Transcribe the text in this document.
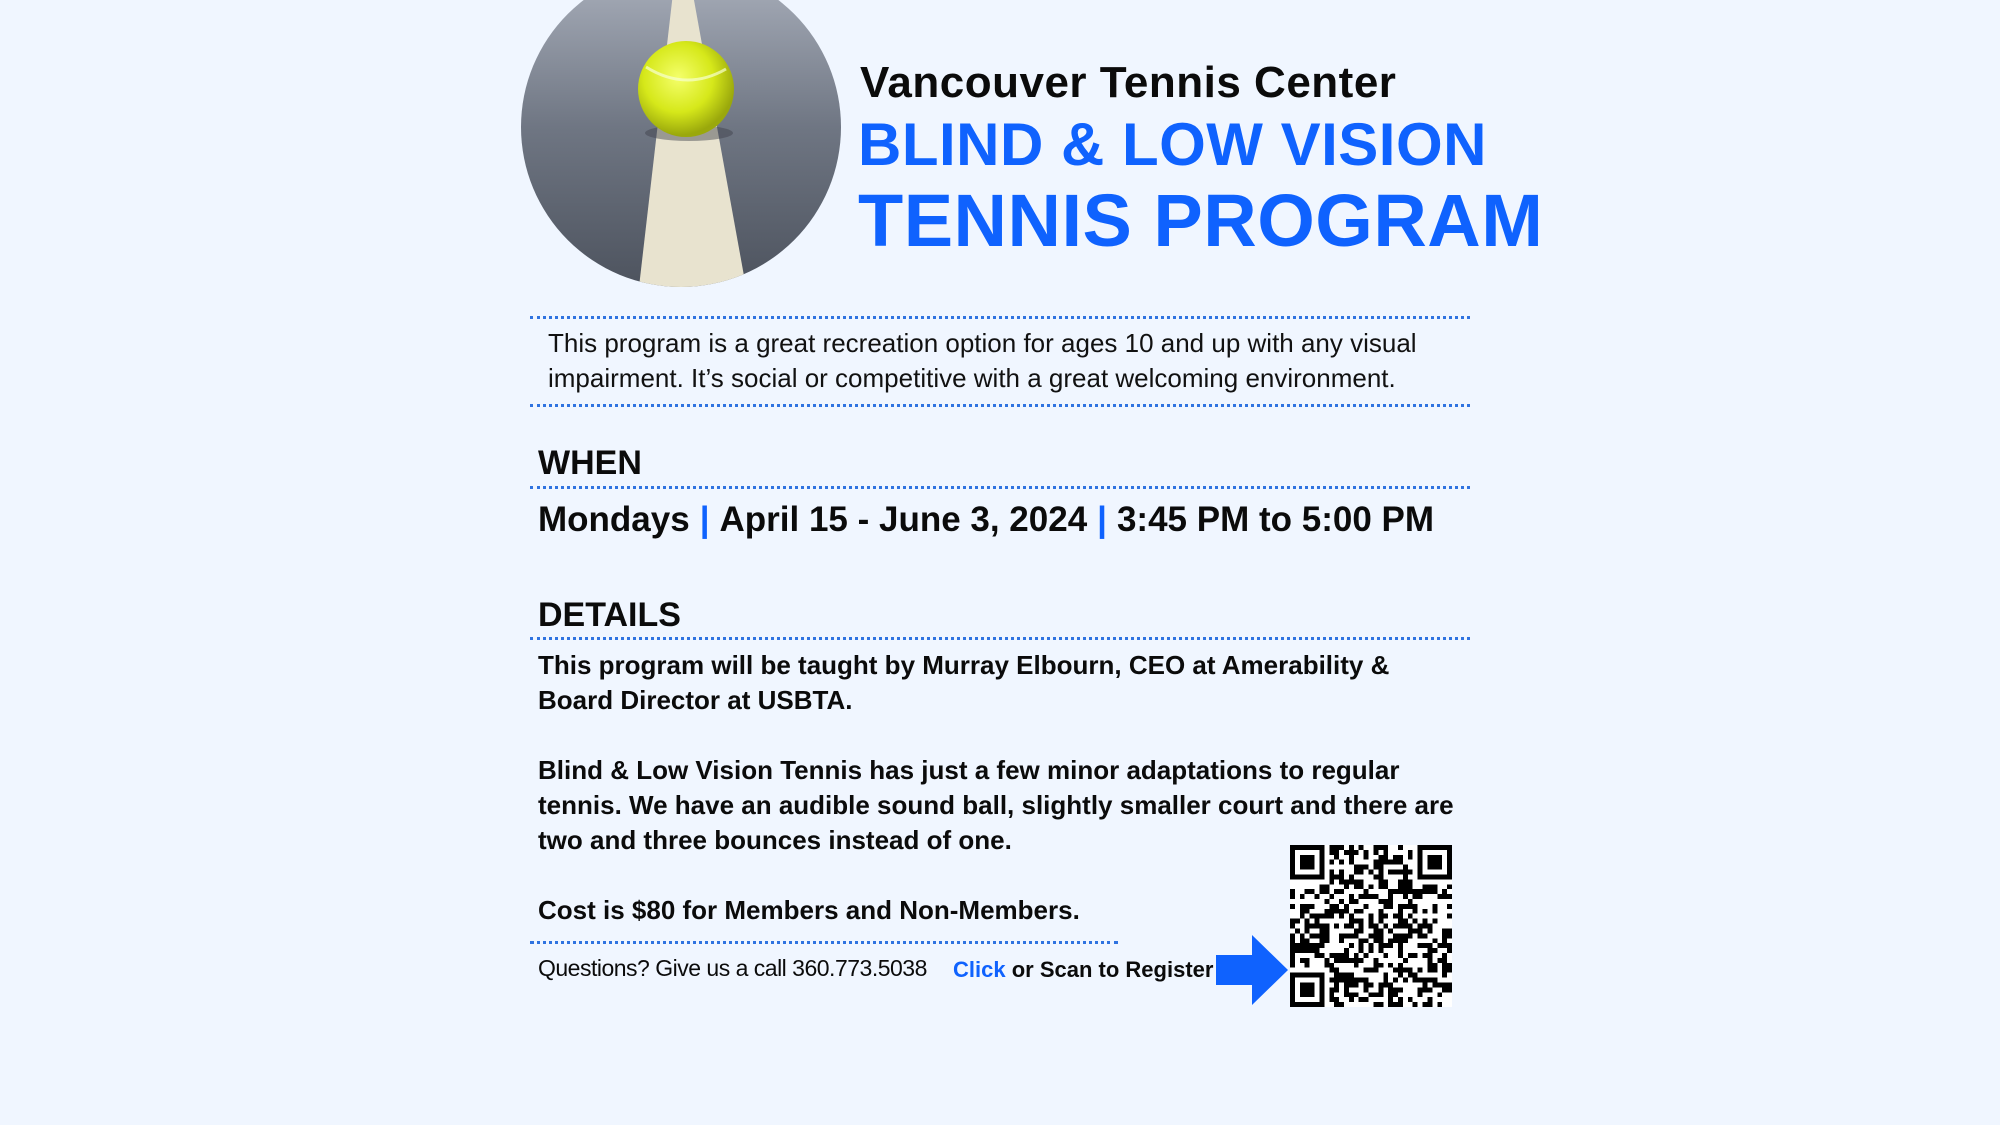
Vancouver Tennis Center
BLIND & LOW VISION
TENNIS PROGRAM
This program is a great recreation option for ages 10 and up with any visual impairment. It’s social or competitive with a great welcoming environment.
WHEN
Mondays | April 15 - June 3, 2024 | 3:45 PM to 5:00 PM
DETAILS

This program will be taught by Murray Elbourn, CEO at Amerability & Board Director at USBTA.

Blind & Low Vision Tennis has just a few minor adaptations to regular tennis. We have an audible sound ball, slightly smaller court and there are two and three bounces instead of one.

Cost is $80 for Members and Non-Members.

Questions? Give us a call 360.773.5038 Click or Scan to Register
